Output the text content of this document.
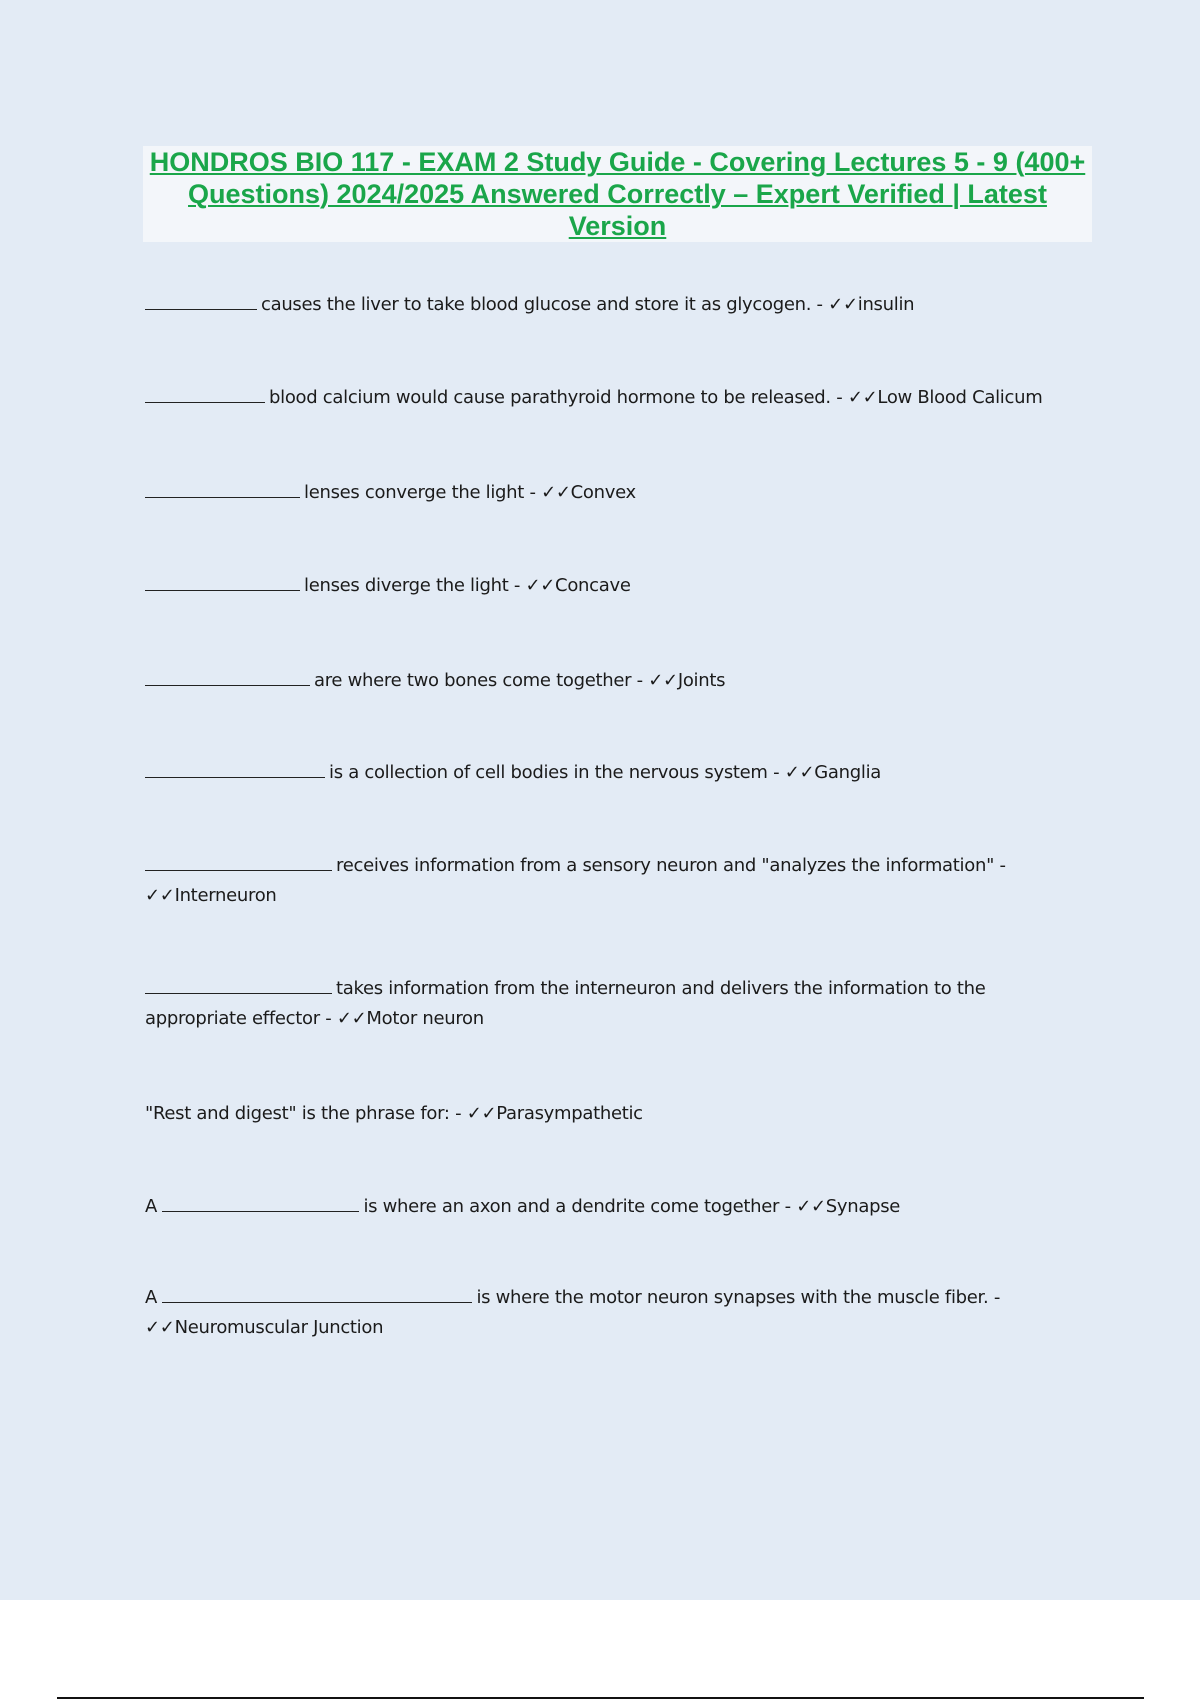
HONDROS BIO 117 - EXAM 2 Study Guide - Covering Lectures 5 - 9 (400+ Questions) 2024/2025 Answered Correctly – Expert Verified | Latest Version
causes the liver to take blood glucose and store it as glycogen. - ✓✓insulin
blood calcium would cause parathyroid hormone to be released. - ✓✓Low Blood Calicum
lenses converge the light - ✓✓Convex
lenses diverge the light - ✓✓Concave
are where two bones come together - ✓✓Joints
is a collection of cell bodies in the nervous system - ✓✓Ganglia
receives information from a sensory neuron and "analyzes the information" - ✓✓Interneuron
takes information from the interneuron and delivers the information to the appropriate effector - ✓✓Motor neuron
"Rest and digest" is the phrase for: - ✓✓Parasympathetic
A	is where an axon and a dendrite come together - ✓✓Synapse
A	is where the motor neuron synapses with the muscle fiber. - ✓✓Neuromuscular Junction
